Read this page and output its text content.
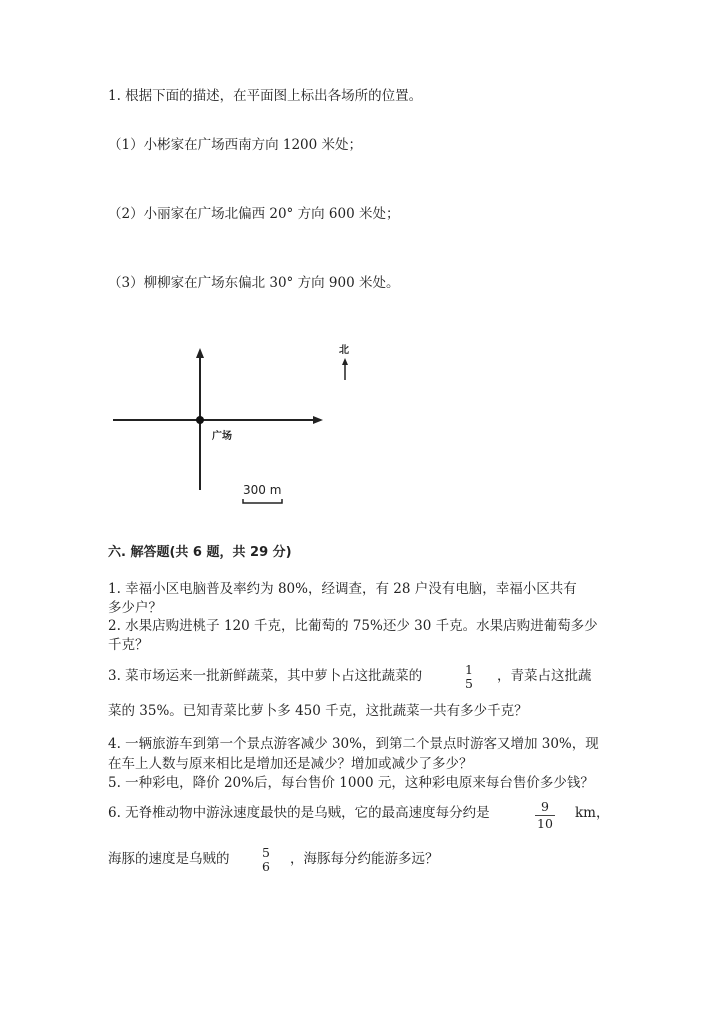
1. 根据下面的描述，在平面图上标出各场所的位置。
（1）小彬家在广场西南方向 1200 米处；
（2）小丽家在广场北偏西 20° 方向 600 米处；
（3）柳柳家在广场东偏北 30° 方向 900 米处。
广场
北
300 m
六. 解答题(共 6 题，共 29 分)
1. 幸福小区电脑普及率约为 80%，经调查，有 28 户没有电脑，幸福小区共有
多少户？
2. 水果店购进桃子 120 千克，比葡萄的 75%还少 30 千克。水果店购进葡萄多少
千克？
3. 菜市场运来一批新鲜蔬菜，其中萝卜占这批蔬菜的	1
5 ，青菜占这批蔬
菜的 35%。已知青菜比萝卜多 450 千克，这批蔬菜一共有多少千克？
4. 一辆旅游车到第一个景点游客减少 30%，到第二个景点时游客又增加 30%，现
在车上人数与原来相比是增加还是减少？增加或减少了多少？
5. 一种彩电，降价 20%后，每台售价 1000 元，这种彩电原来每台售价多少钱？
6. 无脊椎动物中游泳速度最快的是乌贼，它的最高速度每分约是	9
10
km，
海豚的速度是乌贼的	5
6 ，海豚每分约能游多远？
